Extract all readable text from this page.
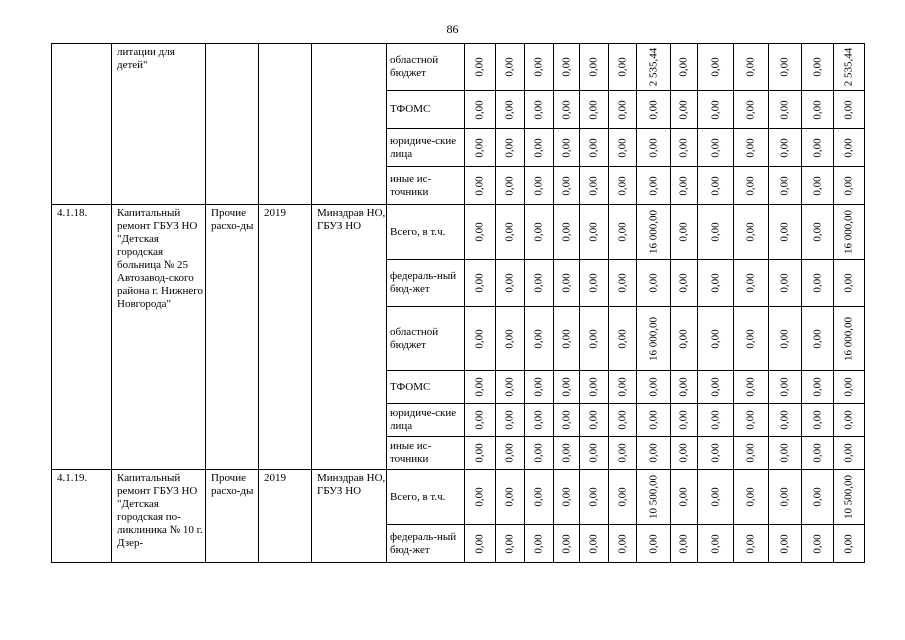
86
	литации для детей"				областной бюджет	0,00	0,00	0,00	0,00	0,00	0,00	2 535,44	0,00	0,00	0,00	0,00	0,00	2 535,44

					ТФОМС	0,00	0,00	0,00	0,00	0,00	0,00	0,00	0,00	0,00	0,00	0,00	0,00	0,00

					юридиче-ские лица	0,00	0,00	0,00	0,00	0,00	0,00	0,00	0,00	0,00	0,00	0,00	0,00	0,00

					иные ис-точники	0,00	0,00	0,00	0,00	0,00	0,00	0,00	0,00	0,00	0,00	0,00	0,00	0,00

4.1.18.	Капитальный ремонт ГБУЗ НО "Детская городская больница № 25 Автозавод-ского района г. Нижнего Новгорода"	Прочие расхо-ды	2019	Минздрав НО, ГБУЗ НО	Всего, в т.ч.	0,00	0,00	0,00	0,00	0,00	0,00	16 000,00	0,00	0,00	0,00	0,00	0,00	16 000,00

					федераль-ный бюд-жет	0,00	0,00	0,00	0,00	0,00	0,00	0,00	0,00	0,00	0,00	0,00	0,00	0,00

					областной бюджет	0,00	0,00	0,00	0,00	0,00	0,00	16 000,00	0,00	0,00	0,00	0,00	0,00	16 000,00

					ТФОМС	0,00	0,00	0,00	0,00	0,00	0,00	0,00	0,00	0,00	0,00	0,00	0,00	0,00

					юридиче-ские лица	0,00	0,00	0,00	0,00	0,00	0,00	0,00	0,00	0,00	0,00	0,00	0,00	0,00

					иные ис-точники	0,00	0,00	0,00	0,00	0,00	0,00	0,00	0,00	0,00	0,00	0,00	0,00	0,00

4.1.19.	Капитальный ремонт ГБУЗ НО "Детская городская по-ликлиника № 10 г. Дзер-	Прочие расхо-ды	2019	Минздрав НО, ГБУЗ НО	Всего, в т.ч.	0,00	0,00	0,00	0,00	0,00	0,00	10 500,00	0,00	0,00	0,00	0,00	0,00	10 500,00

					федераль-ный бюд-жет	0,00	0,00	0,00	0,00	0,00	0,00	0,00	0,00	0,00	0,00	0,00	0,00	0,00
